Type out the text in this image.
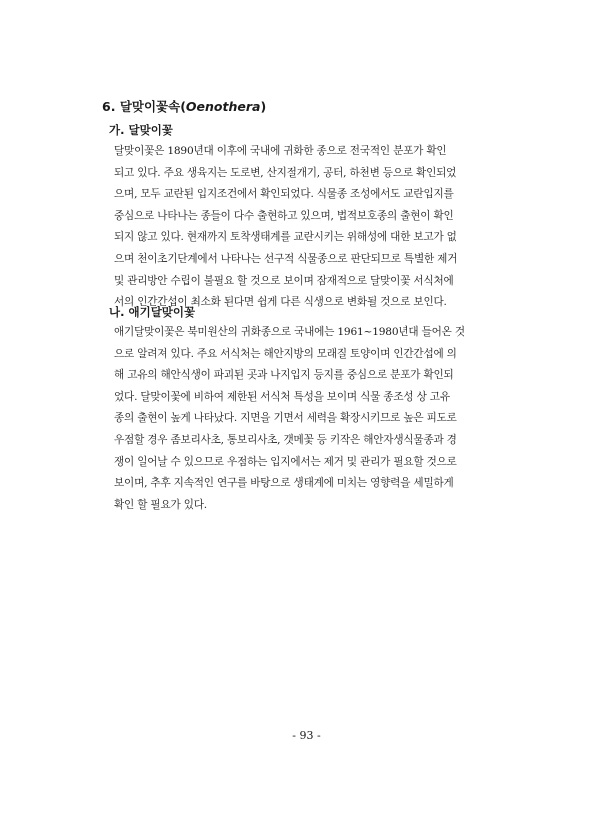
6. 달맞이꽃속(Oenothera)
가. 달맞이꽃
달맞이꽃은 1890년대 이후에 국내에 귀화한 종으로 전국적인 분포가 확인
되고 있다. 주요 생육지는 도로변, 산지절개기, 공터, 하천변 등으로 확인되었
으며, 모두 교란된 입지조건에서 확인되었다. 식물종 조성에서도 교란입지를
중심으로 나타나는 종들이 다수 출현하고 있으며, 법적보호종의 출현이 확인
되지 않고 있다. 현재까지 토착생태계를 교란시키는 위해성에 대한 보고가 없
으며 천이초기단계에서 나타나는 선구적 식물종으로 판단되므로 특별한 제거
및 관리방안 수립이 불필요 할 것으로 보이며 잠재적으로 달맞이꽃 서식처에
서의 인간간섭이 최소화 된다면 쉽게 다른 식생으로 변화될 것으로 보인다.
나. 애기달맞이꽃
애기달맞이꽃은 북미원산의 귀화종으로 국내에는 1961~1980년대 들어온 것
으로 알려져 있다. 주요 서식처는 해안지방의 모래질 토양이며 인간간섭에 의
해 고유의 해안식생이 파괴된 곳과 나지입지 등지를 중심으로 분포가 확인되
었다. 달맞이꽃에 비하여 제한된 서식처 특성을 보이며 식물 종조성 상 고유
종의 출현이 높게 나타났다. 지면을 기면서 세력을 확장시키므로 높은 피도로
우점할 경우 좀보리사초, 통보리사초, 갯메꽃 등 키작은 해안자생식물종과 경
쟁이 일어날 수 있으므로 우점하는 입지에서는 제거 및 관리가 필요할 것으로
보이며, 추후 지속적인 연구를 바탕으로 생태계에 미치는 영향력을 세밀하게
확인 할 필요가 있다.
- 93 -
